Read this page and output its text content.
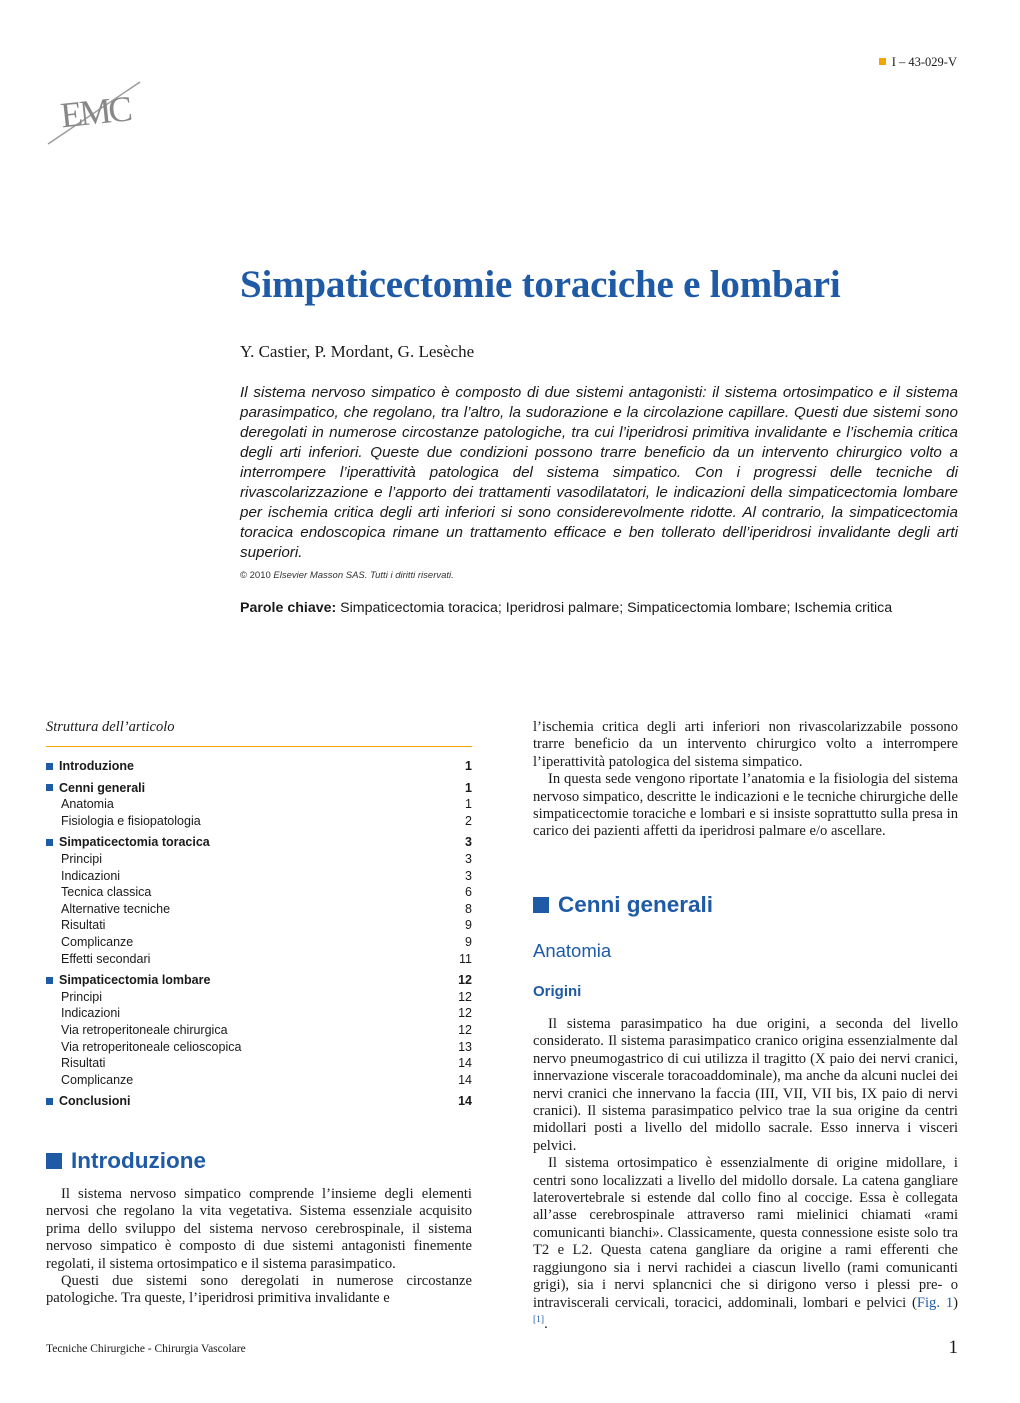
I – 43-029-V
EMC
Simpaticectomie toraciche e lombari
Y. Castier, P. Mordant, G. Lesèche
Il sistema nervoso simpatico è composto di due sistemi antagonisti: il sistema ortosimpatico e il sistema parasimpatico, che regolano, tra l’altro, la sudorazione e la circolazione capillare. Questi due sistemi sono deregolati in numerose circostanze patologiche, tra cui l’iperidrosi primitiva invalidante e l’ischemia critica degli arti inferiori. Queste due condizioni possono trarre beneficio da un intervento chirurgico volto a interrompere l’iperattività patologica del sistema simpatico. Con i progressi delle tecniche di rivascolarizzazione e l’apporto dei trattamenti vasodilatatori, le indicazioni della simpaticectomia lombare per ischemia critica degli arti inferiori si sono considerevolmente ridotte. Al contrario, la simpaticectomia toracica endoscopica rimane un trattamento efficace e ben tollerato dell’iperidrosi invalidante degli arti superiori.
© 2010 Elsevier Masson SAS. Tutti i diritti riservati.
Parole chiave: Simpaticectomia toracica; Iperidrosi palmare; Simpaticectomia lombare; Ischemia critica
Struttura dell’articolo
Introduzione	1
Cenni generali	1
Anatomia	1
Fisiologia e fisiopatologia	2
Simpaticectomia toracica	3
Principi	3
Indicazioni	3
Tecnica classica	6
Alternative tecniche	8
Risultati	9
Complicanze	9
Effetti secondari	11
Simpaticectomia lombare	12
Principi	12
Indicazioni	12
Via retroperitoneale chirurgica	12
Via retroperitoneale celioscopica	13
Risultati	14
Complicanze	14
Conclusioni	14
Introduzione

Il sistema nervoso simpatico comprende l’insieme degli elementi nervosi che regolano la vita vegetativa. Sistema essenziale acquisito prima dello sviluppo del sistema nervoso cerebrospinale, il sistema nervoso simpatico è composto di due sistemi antagonisti finemente regolati, il sistema ortosimpatico e il sistema parasimpatico.

Questi due sistemi sono deregolati in numerose circostanze patologiche. Tra queste, l’iperidrosi primitiva invalidante e

l’ischemia critica degli arti inferiori non rivascolarizzabile possono trarre beneficio da un intervento chirurgico volto a interrompere l’iperattività patologica del sistema simpatico.

In questa sede vengono riportate l’anatomia e la fisiologia del sistema nervoso simpatico, descritte le indicazioni e le tecniche chirurgiche delle simpaticectomie toraciche e lombari e si insiste soprattutto sulla presa in carico dei pazienti affetti da iperidrosi palmare e/o ascellare.

Cenni generali
Anatomia
Origini

Il sistema parasimpatico ha due origini, a seconda del livello considerato. Il sistema parasimpatico cranico origina essenzialmente dal nervo pneumogastrico di cui utilizza il tragitto (X paio dei nervi cranici, innervazione viscerale toracoaddominale), ma anche da alcuni nuclei dei nervi cranici che innervano la faccia (III, VII, VII bis, IX paio di nervi cranici). Il sistema parasimpatico pelvico trae la sua origine da centri midollari posti a livello del midollo sacrale. Esso innerva i visceri pelvici.

Il sistema ortosimpatico è essenzialmente di origine midollare, i centri sono localizzati a livello del midollo dorsale. La catena gangliare laterovertebrale si estende dal collo fino al coccige. Essa è collegata all’asse cerebrospinale attraverso rami mielinici chiamati «rami comunicanti bianchi». Classicamente, questa connessione esiste solo tra T2 e L2. Questa catena gangliare da origine a rami efferenti che raggiungono sia i nervi rachidei a ciascun livello (rami comunicanti grigi), sia i nervi splancnici che si dirigono verso i plessi pre- o intraviscerali cervicali, toracici, addominali, lombari e pelvici (Fig. 1) [1].

Tecniche Chirurgiche - Chirurgia Vascolare	1
